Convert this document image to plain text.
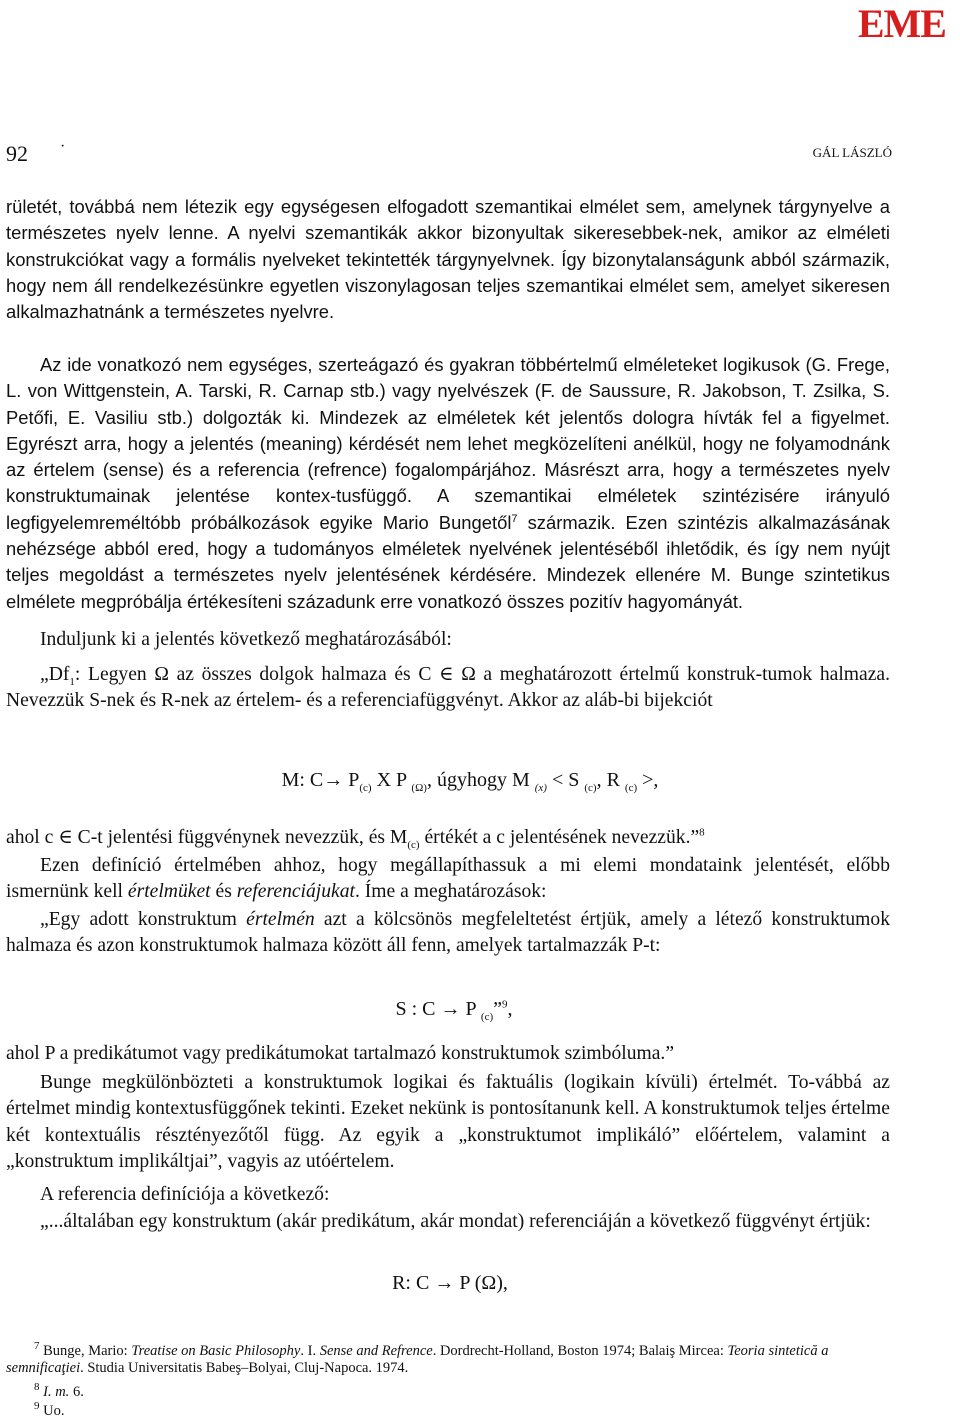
EME
92 ·	GÁL LÁSZLÓ
rületét, továbbá nem létezik egy egységesen elfogadott szemantikai elmélet sem, amelynek tárgynyelve a természetes nyelv lenne. A nyelvi szemantikák akkor bizonyultak sikeresebbek-nek, amikor az elméleti konstrukciókat vagy a formális nyelveket tekintették tárgynyelvnek. Így bizonytalanságunk abból származik, hogy nem áll rendelkezésünkre egyetlen viszonylagosan teljes szemantikai elmélet sem, amelyet sikeresen alkalmazhatnánk a természetes nyelvre.
Az ide vonatkozó nem egységes, szerteágazó és gyakran többértelmű elméleteket logikusok (G. Frege, L. von Wittgenstein, A. Tarski, R. Carnap stb.) vagy nyelvészek (F. de Saussure, R. Jakobson, T. Zsilka, S. Petőfi, E. Vasiliu stb.) dolgozták ki. Mindezek az elméletek két jelentős dologra hívták fel a figyelmet. Egyrészt arra, hogy a jelentés (meaning) kérdését nem lehet megközelíteni anélkül, hogy ne folyamodnánk az értelem (sense) és a referencia (refrence) fogalompárjához. Másrészt arra, hogy a természetes nyelv konstruktumainak jelentése kontex-tusfüggő. A szemantikai elméletek szintézisére irányuló legfigyelemreméltóbb próbálkozások egyike Mario Bungetől$^7$ származik. Ezen szintézis alkalmazásának nehézsége abból ered, hogy a tudományos elméletek nyelvének jelentéséből ihletődik, és így nem nyújt teljes megoldást a természetes nyelv jelentésének kérdésére. Mindezek ellenére M. Bunge szintetikus elmélete megpróbálja értékesíteni századunk erre vonatkozó összes pozitív hagyományát.
Induljunk ki a jelentés következő meghatározásából:
$„Df_1$: Legyen Ω az összes dolgok halmaza és C ∈ Ω a meghatározott értelmű konstruk-tumok halmaza. Nevezzük S-nek és R-nek az értelem- és a referenciafüggvényt. Akkor az aláb-bi bijekciót
M: $C\to P_{(c)}$ X P $_{(\Omega)}$, úgyhogy M $_{(x)}$ < S $_{(c)}$, R $_{(c)}$ >,
ahol c ∈ C-t jelentési függvénynek nevezzük, és $M_{(c)}$ értékét a c jelentésének nevezzük.”$^8$
Ezen definíció értelmében ahhoz, hogy megállapíthassuk a mi elemi mondataink jelentését, előbb ismernünk kell értelmüket és referenciájukat. Íme a meghatározások:
„Egy adott konstruktum értelmén azt a kölcsönös megfeleltetést értjük, amely a létező konstruktumok halmaza és azon konstruktumok halmaza között áll fenn, amelyek tartalmazzák P-t:
S : C → P $_{(c)}$”$^9$,
ahol P a predikátumot vagy predikátumokat tartalmazó konstruktumok szimbóluma.”
Bunge megkülönbözteti a konstruktumok logikai és faktuális (logikain kívüli) értelmét. To-vábbá az értelmet mindig kontextusfüggőnek tekinti. Ezeket nekünk is pontosítanunk kell. A konstruktumok teljes értelme két kontextuális résztényezőtől függ. Az egyik a „konstruktumot implikáló” előértelem, valamint a „konstruktum implikáltjai”, vagyis az utóértelem.
A referencia definíciója a következő:
„...általában egy konstruktum (akár predikátum, akár mondat) referenciáján a következő függvényt értjük:
R: C → P (Ω),
$^7$ Bunge, Mario: Treatise on Basic Philosophy. I. Sense and Refrence. Dordrecht-Holland, Boston 1974; Balaiş Mircea: Teoria sintetică a semnificaţiei. Studia Universitatis Babeş–Bolyai, Cluj-Napoca. 1974.
$^8$ I. m. 6.
$^9$ Uo.
